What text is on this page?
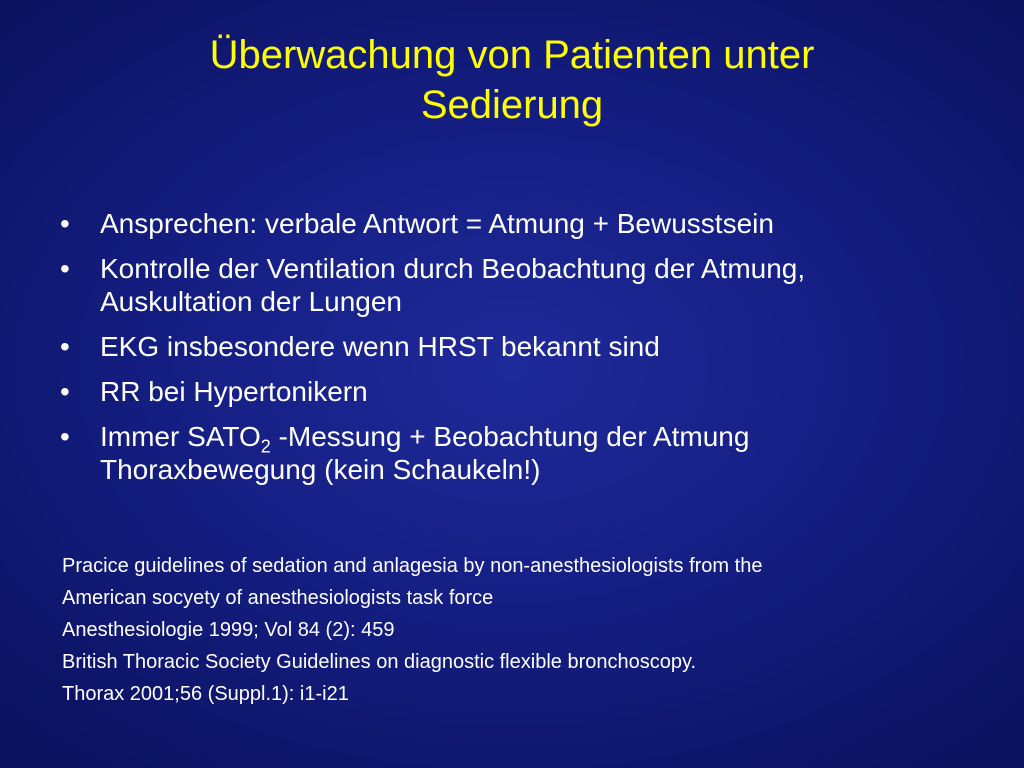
Überwachung von Patienten unter
Sedierung
• Ansprechen: verbale Antwort = Atmung + Bewusstsein
• Kontrolle der Ventilation durch Beobachtung der Atmung,
Auskultation der Lungen
• EKG insbesondere wenn HRST bekannt sind
• RR bei Hypertonikern
• Immer $SATO_2$ -Messung + Beobachtung der Atmung
Thoraxbewegung (kein Schaukeln!)
Pracice guidelines of sedation and anlagesia by non-anesthesiologists from the
American socyety of anesthesiologists task force
Anesthesiologie 1999; Vol 84 (2): 459
British Thoracic Society Guidelines on diagnostic flexible bronchoscopy.
Thorax 2001;56 (Suppl.1): i1-i21
